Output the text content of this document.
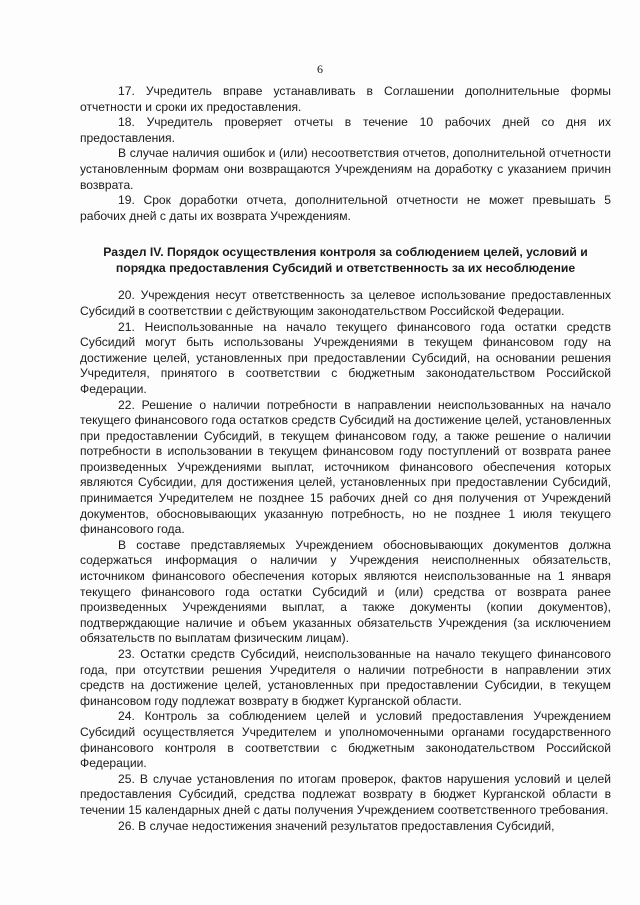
6

17. Учредитель вправе устанавливать в Соглашении дополнительные формы отчетности и сроки их предоставления.

18. Учредитель проверяет отчеты в течение 10 рабочих дней со дня их предоставления.

В случае наличия ошибок и (или) несоответствия отчетов, дополнительной отчетности установленным формам они возвращаются Учреждениям на доработку с указанием причин возврата.

19. Срок доработки отчета, дополнительной отчетности не может превышать 5 рабочих дней с даты их возврата Учреждениям.

Раздел IV. Порядок осуществления контроля за соблюдением целей, условий и порядка предоставления Субсидий и ответственность за их несоблюдение

20. Учреждения несут ответственность за целевое использование предоставленных Субсидий в соответствии с действующим законодательством Российской Федерации.

21. Неиспользованные на начало текущего финансового года остатки средств Субсидий могут быть использованы Учреждениями в текущем финансовом году на достижение целей, установленных при предоставлении Субсидий, на основании решения Учредителя, принятого в соответствии с бюджетным законодательством Российской Федерации.

22. Решение о наличии потребности в направлении неиспользованных на начало текущего финансового года остатков средств Субсидий на достижение целей, установленных при предоставлении Субсидий, в текущем финансовом году, а также решение о наличии потребности в использовании в текущем финансовом году поступлений от возврата ранее произведенных Учреждениями выплат, источником финансового обеспечения которых являются Субсидии, для достижения целей, установленных при предоставлении Субсидий, принимается Учредителем не позднее 15 рабочих дней со дня получения от Учреждений документов, обосновывающих указанную потребность, но не позднее 1 июля текущего финансового года.

В составе представляемых Учреждением обосновывающих документов должна содержаться информация о наличии у Учреждения неисполненных обязательств, источником финансового обеспечения которых являются неиспользованные на 1 января текущего финансового года остатки Субсидий и (или) средства от возврата ранее произведенных Учреждениями выплат, а также документы (копии документов), подтверждающие наличие и объем указанных обязательств Учреждения (за исключением обязательств по выплатам физическим лицам).

23. Остатки средств Субсидий, неиспользованные на начало текущего финансового года, при отсутствии решения Учредителя о наличии потребности в направлении этих средств на достижение целей, установленных при предоставлении Субсидии, в текущем финансовом году подлежат возврату в бюджет Курганской области.

24. Контроль за соблюдением целей и условий предоставления Учреждением Субсидий осуществляется Учредителем и уполномоченными органами государственного финансового контроля в соответствии с бюджетным законодательством Российской Федерации.

25. В случае установления по итогам проверок, фактов нарушения условий и целей предоставления Субсидий, средства подлежат возврату в бюджет Курганской области в течении 15 календарных дней с даты получения Учреждением соответственного требования.

26. В случае недостижения значений результатов предоставления Субсидий,
